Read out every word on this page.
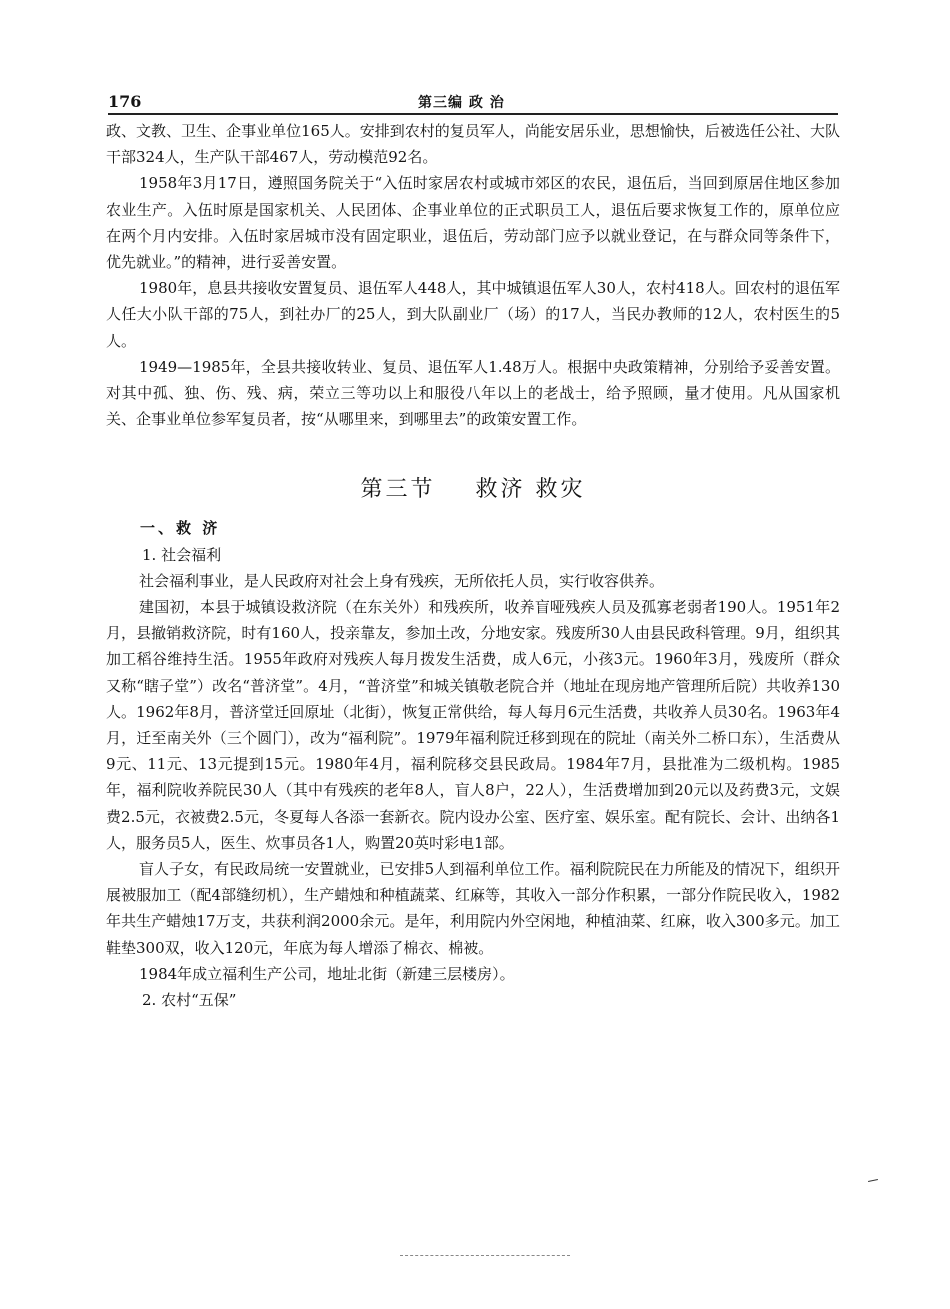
176	第三编 政 治

政、文教、卫生、企事业单位165人。安排到农村的复员军人，尚能安居乐业，思想愉快，后被选任公社、大队干部324人，生产队干部467人，劳动模范92名。

1958年3月17日，遵照国务院关于“入伍时家居农村或城市郊区的农民，退伍后，当回到原居住地区参加农业生产。入伍时原是国家机关、人民团体、企事业单位的正式职员工人，退伍后要求恢复工作的，原单位应在两个月内安排。入伍时家居城市没有固定职业，退伍后，劳动部门应予以就业登记，在与群众同等条件下，优先就业。”的精神，进行妥善安置。

1980年，息县共接收安置复员、退伍军人448人，其中城镇退伍军人30人，农村418人。回农村的退伍军人任大小队干部的75人，到社办厂的25人，到大队副业厂（场）的17人，当民办教师的12人，农村医生的5人。

1949—1985年，全县共接收转业、复员、退伍军人1.48万人。根据中央政策精神，分别给予妥善安置。对其中孤、独、伤、残、病，荣立三等功以上和服役八年以上的老战士，给予照顾，量才使用。凡从国家机关、企事业单位参军复员者，按“从哪里来，到哪里去”的政策安置工作。

第三节 救济 救灾

一、救 济

1. 社会福利

社会福利事业，是人民政府对社会上身有残疾，无所依托人员，实行收容供养。

建国初，本县于城镇设救济院（在东关外）和残疾所，收养盲哑残疾人员及孤寡老弱者190人。1951年2月，县撤销救济院，时有160人，投亲靠友，参加土改，分地安家。残废所30人由县民政科管理。9月，组织其加工稻谷维持生活。1955年政府对残疾人每月拨发生活费，成人6元，小孩3元。1960年3月，残废所（群众又称“瞎子堂”）改名“普济堂”。4月，“普济堂”和城关镇敬老院合并（地址在现房地产管理所后院）共收养130人。1962年8月，普济堂迁回原址（北街），恢复正常供给，每人每月6元生活费，共收养人员30名。1963年4月，迁至南关外（三个圆门），改为“福利院”。1979年福利院迁移到现在的院址（南关外二桥口东），生活费从9元、11元、13元提到15元。1980年4月，福利院移交县民政局。1984年7月，县批准为二级机构。1985年，福利院收养院民30人（其中有残疾的老年8人，盲人8户，22人），生活费增加到20元以及药费3元，文娱费2.5元，衣被费2.5元，冬夏每人各添一套新衣。院内设办公室、医疗室、娱乐室。配有院长、会计、出纳各1人，服务员5人，医生、炊事员各1人，购置20英吋彩电1部。

盲人子女，有民政局统一安置就业，已安排5人到福利单位工作。福利院院民在力所能及的情况下，组织开展被服加工（配4部缝纫机），生产蜡烛和种植蔬菜、红麻等，其收入一部分作积累，一部分作院民收入，1982年共生产蜡烛17万支，共获利润2000余元。是年，利用院内外空闲地，种植油菜、红麻，收入300多元。加工鞋垫300双，收入120元，年底为每人增添了棉衣、棉被。

1984年成立福利生产公司，地址北街（新建三层楼房）。

2. 农村“五保”
